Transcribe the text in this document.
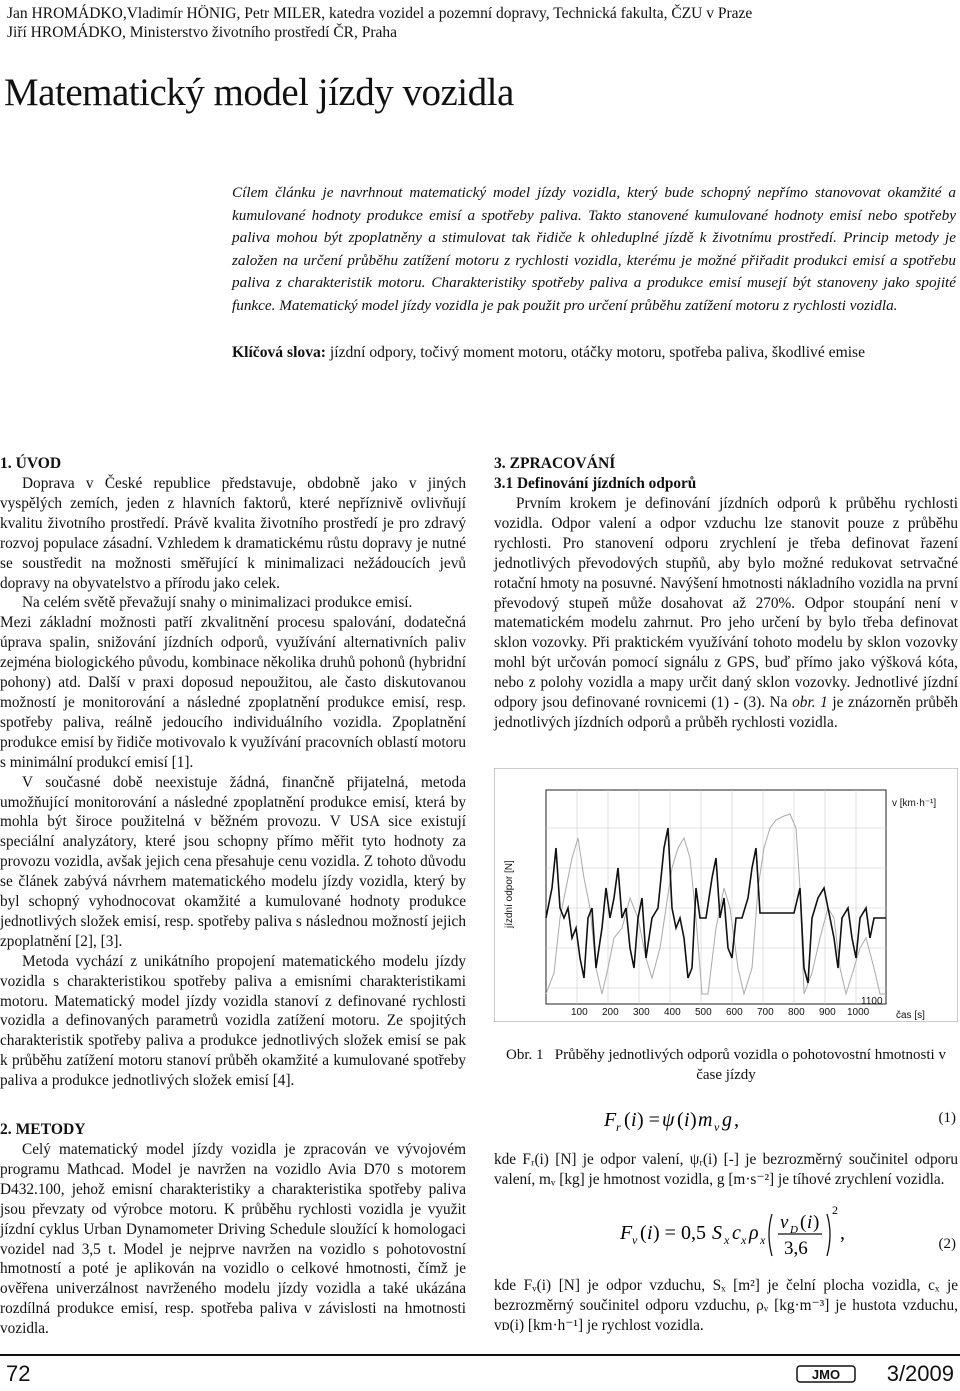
Jan HROMÁDKO,Vladimír HÖNIG, Petr MILER, katedra vozidel a pozemní dopravy, Technická fakulta, ČZU v Praze
Jiří HROMÁDKO, Ministerstvo životního prostředí ČR, Praha
Matematický model jízdy vozidla

Cílem článku je navrhnout matematický model jízdy vozidla, který bude schopný nepřímo stanovovat okamžité a kumulované hodnoty produkce emisí a spotřeby paliva. Takto stanovené kumulované hodnoty emisí nebo spotřeby paliva mohou být zpoplatněny a stimulovat tak řidiče k ohleduplné jízdě k životnímu prostředí. Princip metody je založen na určení průběhu zatížení motoru z rychlosti vozidla, kterému je možné přiřadit produkci emisí a spotřebu paliva z charakteristik motoru. Charakteristiky spotřeby paliva a produkce emisí musejí být stanoveny jako spojité funkce. Matematický model jízdy vozidla je pak použit pro určení průběhu zatížení motoru z rychlosti vozidla.

Klíčová slova: jízdní odpory, točivý moment motoru, otáčky motoru, spotřeba paliva, škodlivé emise
1. ÚVOD

Doprava v České republice představuje, obdobně jako v jiných vyspělých zemích, jeden z hlavních faktorů, které nepříznivě ovlivňují kvalitu životního prostředí. Právě kvalita životního prostředí je pro zdravý rozvoj populace zásadní. Vzhledem k dramatickému růstu dopravy je nutné se soustředit na možnosti směřující k minimalizaci nežádoucích jevů dopravy na obyvatelstvo a přírodu jako celek.

Na celém světě převažují snahy o minimalizaci produkce emisí.

Mezi základní možnosti patří zkvalitnění procesu spalování, dodatečná úprava spalin, snižování jízdních odporů, využívání alternativních paliv zejména biologického původu, kombinace několika druhů pohonů (hybridní pohony) atd. Další v praxi doposud nepoužitou, ale často diskutovanou možností je monitorování a následné zpoplatnění produkce emisí, resp. spotřeby paliva, reálně jedoucího individuálního vozidla. Zpoplatnění produkce emisí by řidiče motivovalo k využívání pracovních oblastí motoru s minimální produkcí emisí [1].

V současné době neexistuje žádná, finančně přijatelná, metoda umožňující monitorování a následné zpoplatnění produkce emisí, která by mohla být široce použitelná v běžném provozu. V USA sice existují speciální analyzátory, které jsou schopny přímo měřit tyto hodnoty za provozu vozidla, avšak jejich cena přesahuje cenu vozidla. Z tohoto důvodu se článek zabývá návrhem matematického modelu jízdy vozidla, který by byl schopný vyhodnocovat okamžité a kumulované hodnoty produkce jednotlivých složek emisí, resp. spotřeby paliva s následnou možností jejich zpoplatnění [2], [3].

Metoda vychází z unikátního propojení matematického modelu jízdy vozidla s charakteristikou spotřeby paliva a emisními charakteristikami motoru. Matematický model jízdy vozidla stanoví z definované rychlosti vozidla a definovaných parametrů vozidla zatížení motoru. Ze spojitých charakteristik spotřeby paliva a produkce jednotlivých složek emisí se pak k průběhu zatížení motoru stanoví průběh okamžité a kumulované spotřeby paliva a produkce jednotlivých složek emisí [4].

2. METODY

Celý matematický model jízdy vozidla je zpracován ve vývojovém programu Mathcad. Model je navržen na vozidlo Avia D70 s motorem D432.100, jehož emisní charakteristiky a charakteristika spotřeby paliva jsou převzaty od výrobce motoru. K průběhu rychlosti vozidla je využit jízdní cyklus Urban Dynamometer Driving Schedule sloužící k homologaci vozidel nad 3,5 t. Model je nejprve navržen na vozidlo s pohotovostní hmotností a poté je aplikován na vozidlo o celkové hmotnosti, čímž je ověřena univerzálnost navrženého modelu jízdy vozidla a také ukázána rozdílná produkce emisí, resp. spotřeba paliva v závislosti na hmotnosti vozidla.

3. ZPRACOVÁNÍ
3.1 Definování jízdních odporů

Prvním krokem je definování jízdních odporů k průběhu rychlosti vozidla. Odpor valení a odpor vzduchu lze stanovit pouze z průběhu rychlosti. Pro stanovení odporu zrychlení je třeba definovat řazení jednotlivých převodových stupňů, aby bylo možné redukovat setrvačné rotační hmoty na posuvné. Navýšení hmotnosti nákladního vozidla na první převodový stupeň může dosahovat až 270%. Odpor stoupání není v matematickém modelu zahrnut. Pro jeho určení by bylo třeba definovat sklon vozovky. Při praktickém využívání tohoto modelu by sklon vozovky mohl být určován pomocí signálu z GPS, buď přímo jako výšková kóta, nebo z polohy vozidla a mapy určit daný sklon vozovky. Jednotlivé jízdní odpory jsou definované rovnicemi (1) - (3). Na obr. 1 je znázorněn průběh jednotlivých jízdních odporů a průběh rychlosti vozidla.

jízdní odpor [N]
v [km·h⁻¹]
čas [s]
100 200 300 400 500 600 700 800 900 1000
1100
Obr. 1 Průběhy jednotlivých odporů vozidla o pohotovostní hmotnosti v čase jízdy
F r ( i ) = ψ ( i ) m v g ,	(1)
kde Fᵣ(i) [N] je odpor valení, ψᵣ(i) [-] je bezrozměrný součinitel odporu valení, mᵥ [kg] je hmotnost vozidla, g [m·s⁻²] je tíhové zrychlení vozidla.
F v ( i ) = 0,5 S x c x ρ x
v D ( i )
3,6
2
,	(2)
kde Fᵥ(i) [N] je odpor vzduchu, Sₓ [m²] je čelní plocha vozidla, cₓ je bezrozměrný součinitel odporu vzduchu, ρᵥ [kg·m⁻³] je hustota vzduchu, vᴅ(i) [km·h⁻¹] je rychlost vozidla.
72	JMO 3/2009
